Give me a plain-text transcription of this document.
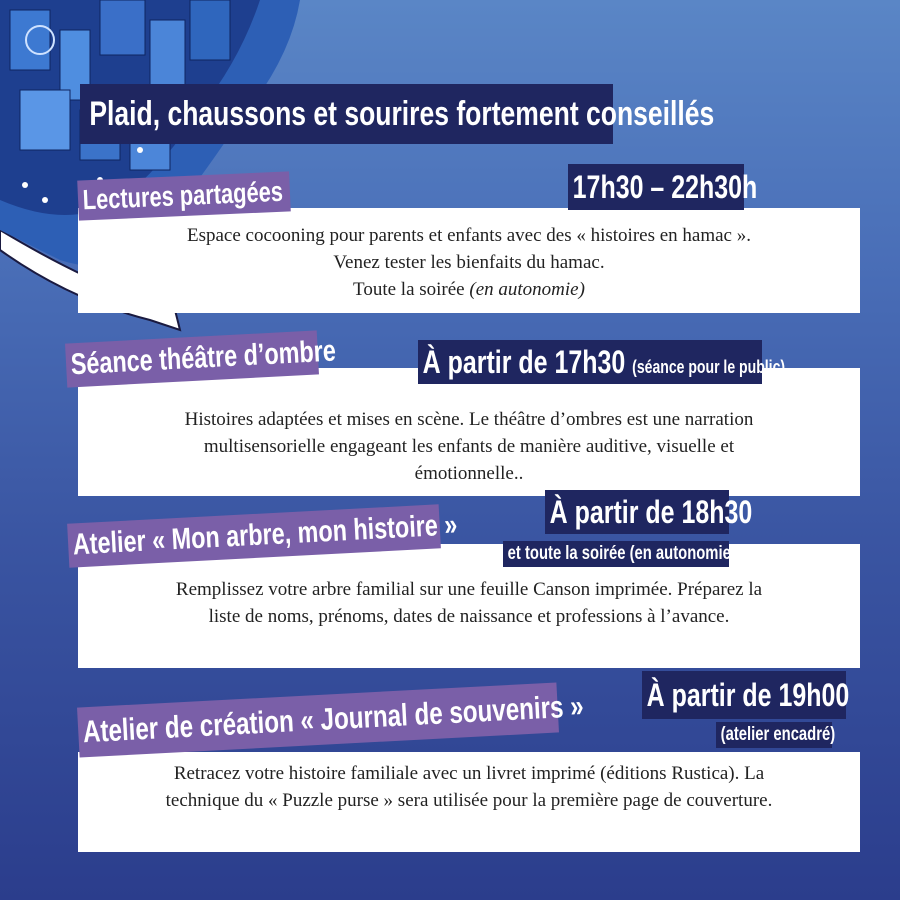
Plaid, chaussons et sourires fortement conseillés

Espace cocooning pour parents et enfants avec des « histoires en hamac ».

Venez tester les bienfaits du hamac.

Toute la soirée (en autonomie)

Lectures partagées	17h30 – 22h30h

Histoires adaptées et mises en scène. Le théâtre d’ombres est une narration

multisensorielle engageant les enfants de manière auditive, visuelle et

émotionnelle..

Séance théâtre d’ombre	À partir de 17h30 (séance pour le public)

Remplissez votre arbre familial sur une feuille Canson imprimée. Préparez la

liste de noms, prénoms, dates de naissance et professions à l’avance.

Atelier « Mon arbre, mon histoire »	À partir de 18h30
et toute la soirée (en autonomie)

Retracez votre histoire familiale avec un livret imprimé (éditions Rustica). La

technique du « Puzzle purse » sera utilisée pour la première page de couverture.

Atelier de création « Journal de souvenirs » À partir de 19h00
(atelier encadré)
